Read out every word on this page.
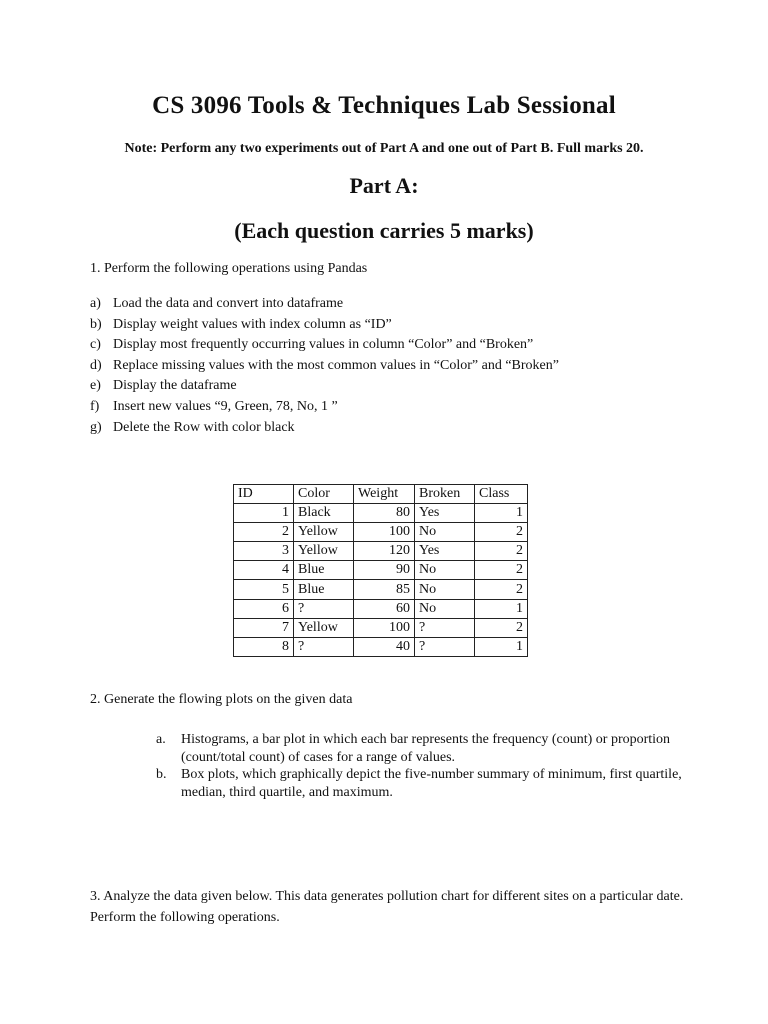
CS 3096 Tools & Techniques Lab Sessional
Note: Perform any two experiments out of Part A and one out of Part B. Full marks 20.
Part A:
(Each question carries 5 marks)
1. Perform the following operations using Pandas
a) Load the data and convert into dataframe
b) Display weight values with index column as “ID”
c) Display most frequently occurring values in column “Color” and “Broken”
d) Replace missing values with the most common values in “Color” and “Broken”
e) Display the dataframe
f) Insert new values “9, Green, 78, No, 1 ”
g) Delete the Row with color black
ID	Color	Weight	Broken	Class
1	Black	80	Yes	1
2	Yellow	100	No	2
3	Yellow	120	Yes	2
4	Blue	90	No	2
5	Blue	85	No	2
6	?	60	No	1
7	Yellow	100	?	2
8	?	40	?	1
2. Generate the flowing plots on the given data
a. Histograms, a bar plot in which each bar represents the frequency (count) or proportion (count/total count) of cases for a range of values.
b. Box plots, which graphically depict the five-number summary of minimum, first quartile, median, third quartile, and maximum.
3. Analyze the data given below. This data generates pollution chart for different sites on a particular date. Perform the following operations.
